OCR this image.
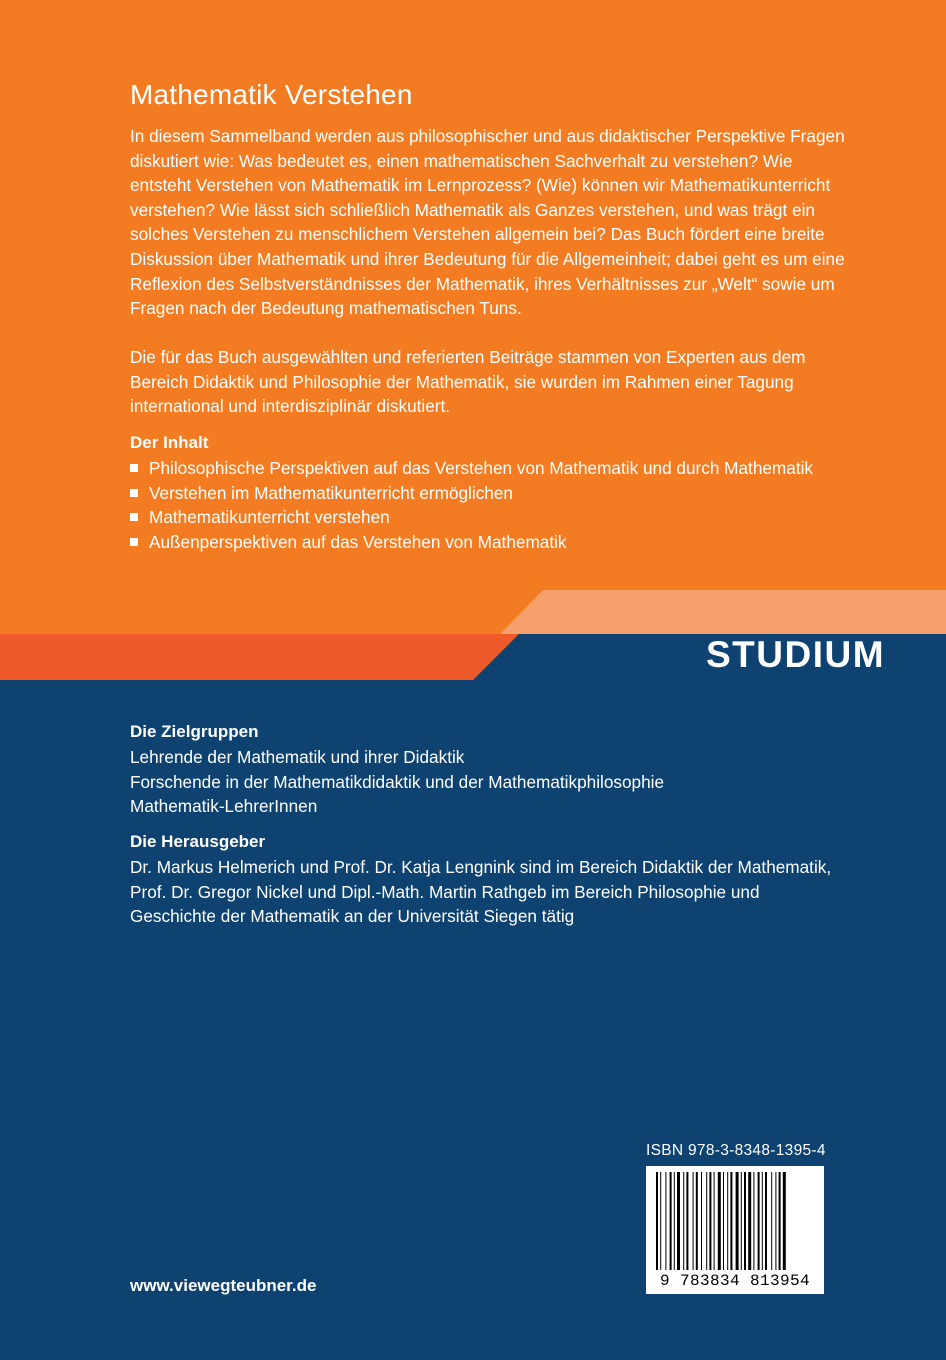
Mathematik Verstehen

In diesem Sammelband werden aus philosophischer und aus didaktischer Perspektive Fragen diskutiert wie: Was bedeutet es, einen mathematischen Sachverhalt zu verstehen? Wie entsteht Verstehen von Mathematik im Lernprozess? (Wie) können wir Mathematikunterricht verstehen? Wie lässt sich schließlich Mathematik als Ganzes verstehen, und was trägt ein solches Verstehen zu menschlichem Verstehen allgemein bei? Das Buch fördert eine breite Diskussion über Mathematik und ihrer Bedeutung für die Allgemeinheit; dabei geht es um eine Reflexion des Selbstverständnisses der Mathematik, ihres Verhältnisses zur „Welt“ sowie um Fragen nach der Bedeutung mathematischen Tuns.

Die für das Buch ausgewählten und referierten Beiträge stammen von Experten aus dem Bereich Didaktik und Philosophie der Mathematik, sie wurden im Rahmen einer Tagung international und interdisziplinär diskutiert.

Der Inhalt
Philosophische Perspektiven auf das Verstehen von Mathematik und durch Mathematik
Verstehen im Mathematikunterricht ermöglichen
Mathematikunterricht verstehen
Außenperspektiven auf das Verstehen von Mathematik
STUDIUM
Die Zielgruppen
Lehrende der Mathematik und ihrer Didaktik
Forschende in der Mathematikdidaktik und der Mathematikphilosophie
Mathematik-LehrerInnen
Die Herausgeber

Dr. Markus Helmerich und Prof. Dr. Katja Lengnink sind im Bereich Didaktik der Mathematik, Prof. Dr. Gregor Nickel und Dipl.-Math. Martin Rathgeb im Bereich Philosophie und Geschichte der Mathematik an der Universität Siegen tätig

ISBN 978-3-8348-1395-4
9 783834 813954
www.viewegteubner.de
